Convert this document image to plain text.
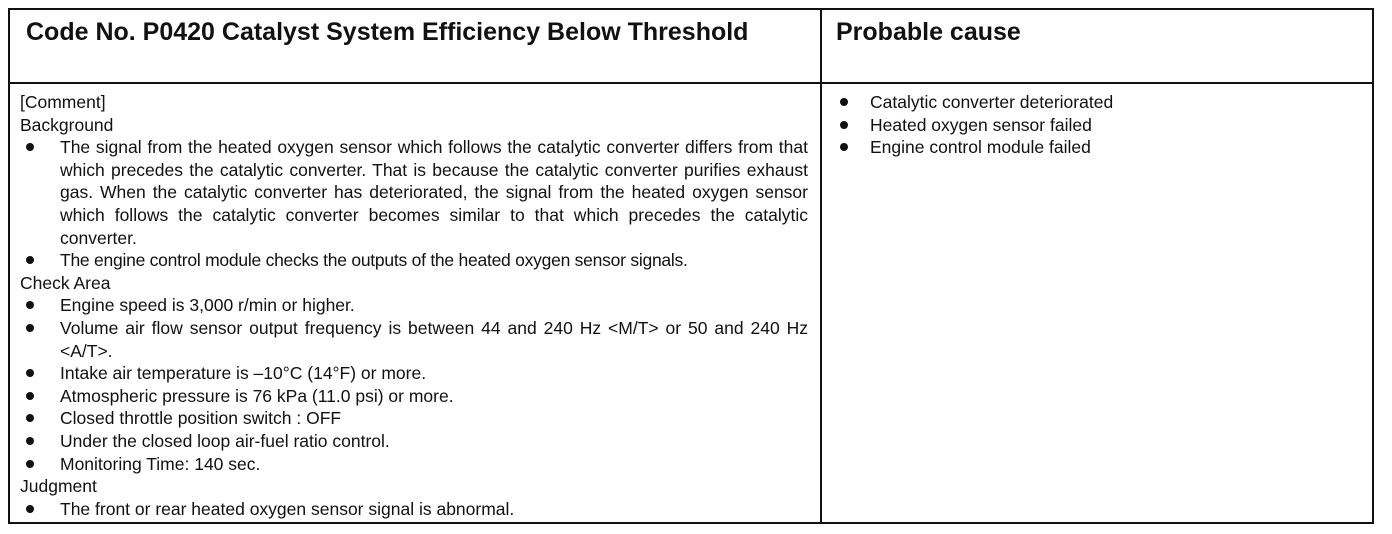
Code No. P0420 Catalyst System Efficiency Below Threshold	Probable cause
[Comment]
Background
The signal from the heated oxygen sensor which follows the catalytic converter differs from that which precedes the catalytic converter. That is because the catalytic converter purifies exhaust gas. When the catalytic converter has deteriorated, the signal from the heated oxygen sensor which follows the catalytic converter becomes similar to that which precedes the catalytic converter.
The engine control module checks the outputs of the heated oxygen sensor signals.
Check Area
Engine speed is 3,000 r/min or higher.
Volume air flow sensor output frequency is between 44 and 240 Hz <M/T> or 50 and 240 Hz <A/T>.
Intake air temperature is –10°C (14°F) or more.
Atmospheric pressure is 76 kPa (11.0 psi) or more.
Closed throttle position switch : OFF
Under the closed loop air-fuel ratio control.
Monitoring Time: 140 sec.
Judgment
The front or rear heated oxygen sensor signal is abnormal.
Catalytic converter deteriorated
Heated oxygen sensor failed
Engine control module failed
